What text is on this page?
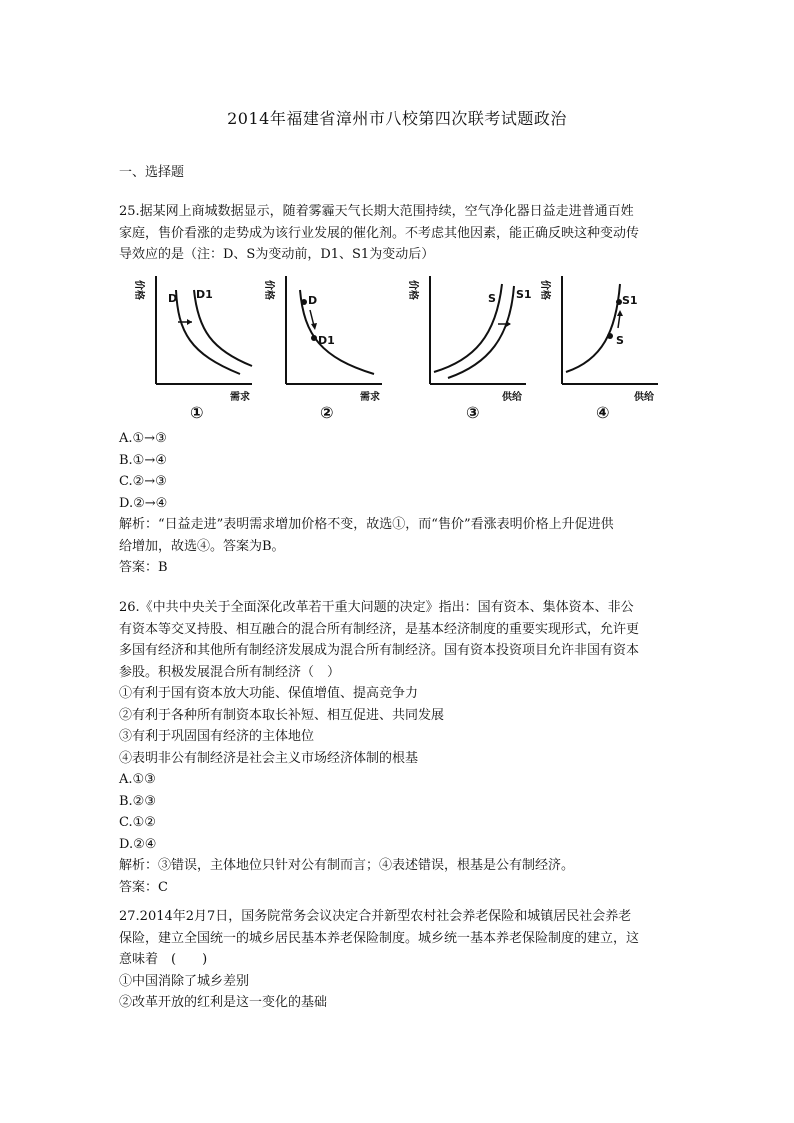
2014年福建省漳州市八校第四次联考试题政治
一、选择题
25.据某网上商城数据显示，随着雾霾天气长期大范围持续，空气净化器日益走进普通百姓
家庭，售价看涨的走势成为该行业发展的催化剂。不考虑其他因素，能正确反映这种变动传
导效应的是（注：D、S为变动前，D1、S1为变动后）
价格 D D1
需求
①
价格
D
D1
需求
②
价格	S S1
供给
③
价格
S1
S
供给
④
A.①→③
B.①→④
C.②→③
D.②→④
解析：“日益走进”表明需求增加价格不变，故选①，而“售价”看涨表明价格上升促进供
给增加，故选④。答案为B。
答案：B
26.《中共中央关于全面深化改革若干重大问题的决定》指出：国有资本、集体资本、非公
有资本等交叉持股、相互融合的混合所有制经济，是基本经济制度的重要实现形式，允许更
多国有经济和其他所有制经济发展成为混合所有制经济。国有资本投资项目允许非国有资本
参股。积极发展混合所有制经济（　）
①有利于国有资本放大功能、保值增值、提高竞争力
②有利于各种所有制资本取长补短、相互促进、共同发展
③有利于巩固国有经济的主体地位
④表明非公有制经济是社会主义市场经济体制的根基
A.①③
B.②③
C.①②
D.②④
解析：③错误，主体地位只针对公有制而言；④表述错误，根基是公有制经济。
答案：C
27.2014年2月7日，国务院常务会议决定合并新型农村社会养老保险和城镇居民社会养老
保险，建立全国统一的城乡居民基本养老保险制度。城乡统一基本养老保险制度的建立，这
意味着　(　　)
①中国消除了城乡差别
②改革开放的红利是这一变化的基础
